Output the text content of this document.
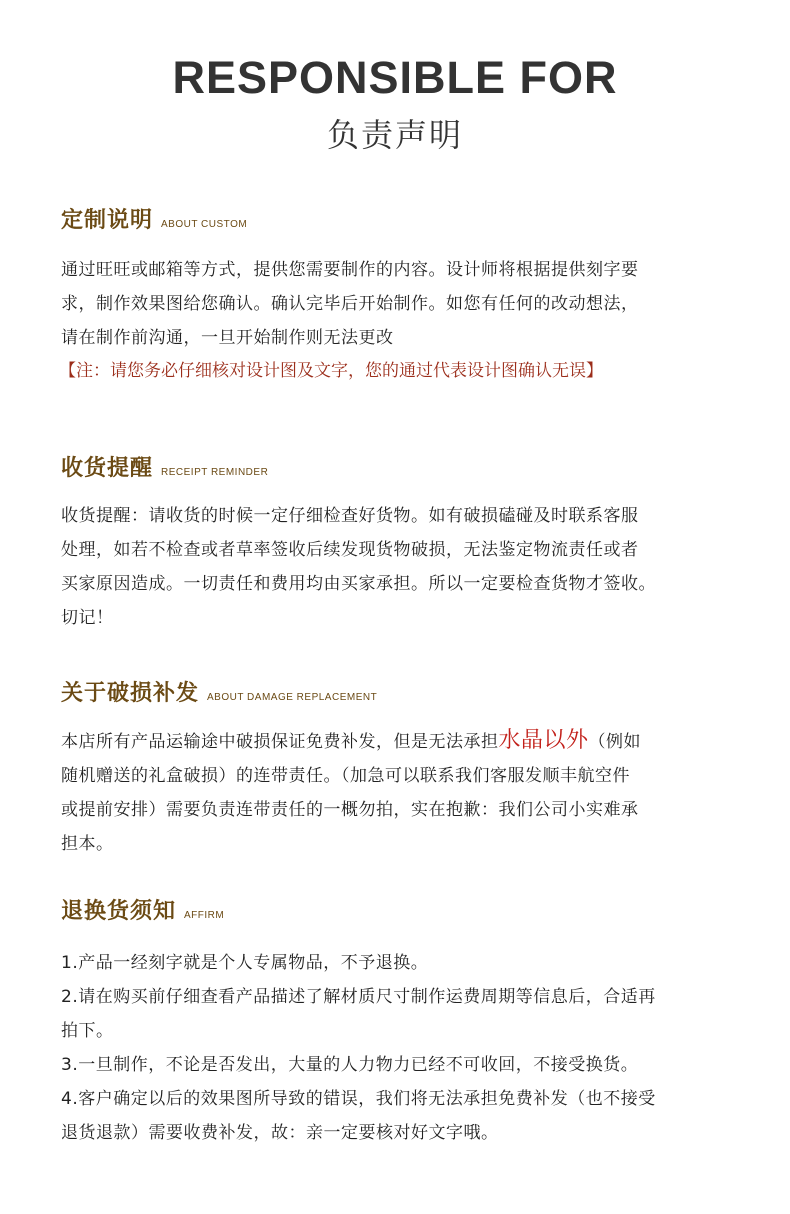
RESPONSIBLE FOR
负责声明
定制说明 ABOUT CUSTOM
通过旺旺或邮箱等方式，提供您需要制作的内容。设计师将根据提供刻字要
求，制作效果图给您确认。确认完毕后开始制作。如您有任何的改动想法，
请在制作前沟通，一旦开始制作则无法更改
【注：请您务必仔细核对设计图及文字，您的通过代表设计图确认无误】
收货提醒 RECEIPT REMINDER
收货提醒：请收货的时候一定仔细检查好货物。如有破损磕碰及时联系客服
处理，如若不检查或者草率签收后续发现货物破损，无法鉴定物流责任或者
买家原因造成。一切责任和费用均由买家承担。所以一定要检查货物才签收。
切记！
关于破损补发 ABOUT DAMAGE REPLACEMENT
本店所有产品运输途中破损保证免费补发，但是无法承担水晶以外（例如
随机赠送的礼盒破损）的连带责任。（加急可以联系我们客服发顺丰航空件
或提前安排）需要负责连带责任的一概勿拍，实在抱歉：我们公司小实难承
担本。
退换货须知 AFFIRM
1.产品一经刻字就是个人专属物品，不予退换。
2.请在购买前仔细查看产品描述了解材质尺寸制作运费周期等信息后，合适再
拍下。
3.一旦制作，不论是否发出，大量的人力物力已经不可收回，不接受换货。
4.客户确定以后的效果图所导致的错误，我们将无法承担免费补发（也不接受
退货退款）需要收费补发，故：亲一定要核对好文字哦。
